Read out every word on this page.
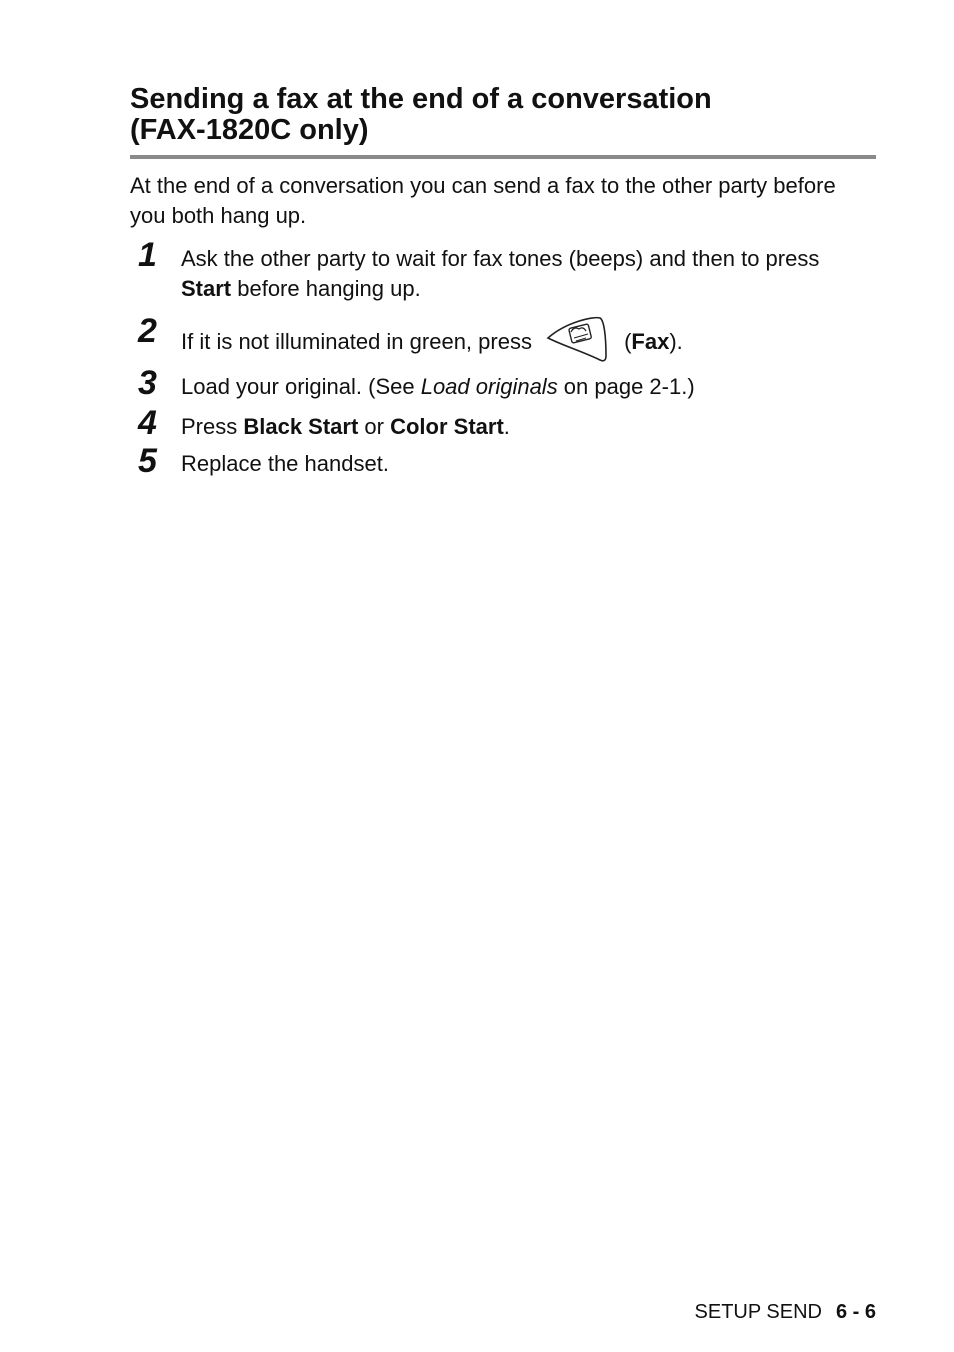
Sending a fax at the end of a conversation
(FAX-1820C only)

At the end of a conversation you can send a fax to the other party before you both hang up.

1 Ask the other party to wait for fax tones (beeps) and then to press Start before hanging up.
2 If it is not illuminated in green, press	(Fax).
3 Load your original. (See Load originals on page 2-1.)
4 Press Black Start or Color Start.
5 Replace the handset.
SETUP SEND 6 - 6
